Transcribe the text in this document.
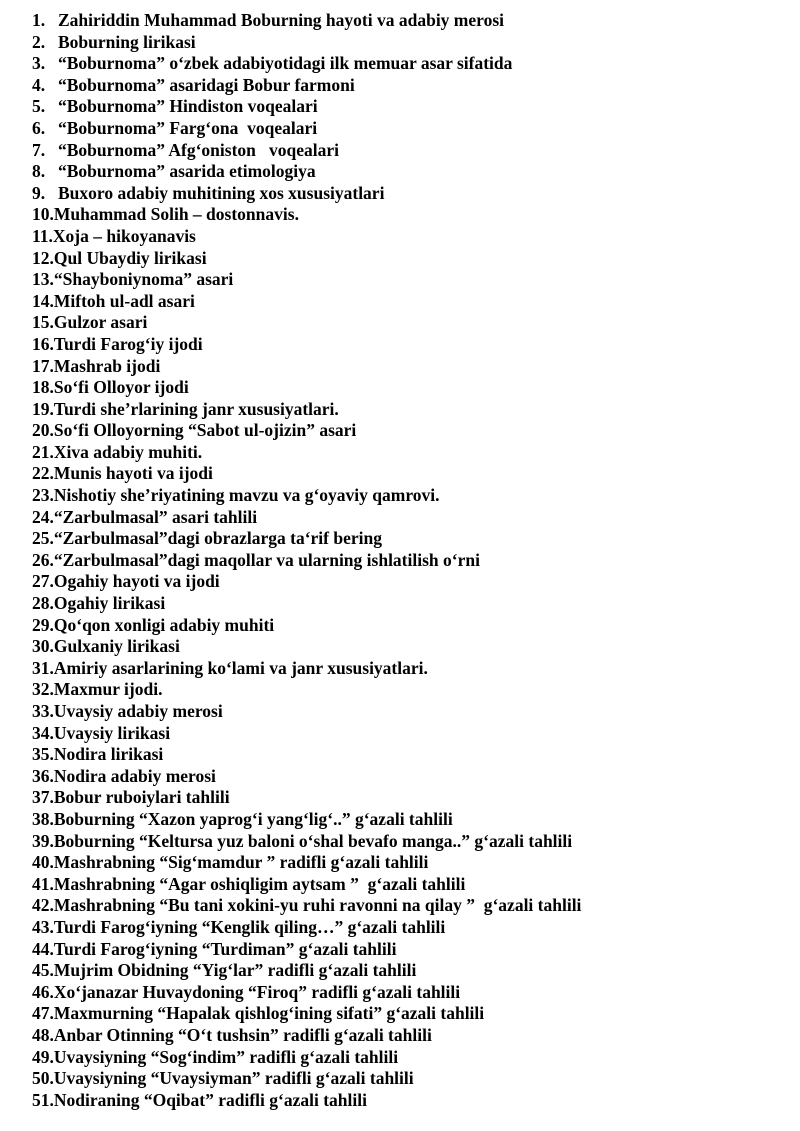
1. Zahiriddin Muhammad Boburning hayoti va adabiy merosi
2. Boburning lirikasi
3. “Boburnoma” o‘zbek adabiyotidagi ilk memuar asar sifatida
4. “Boburnoma” asaridagi Bobur farmoni
5. “Boburnoma” Hindiston voqealari
6. “Boburnoma” Farg‘ona  voqealari
7. “Boburnoma” Afg‘oniston   voqealari
8. “Boburnoma” asarida etimologiya
9. Buxoro adabiy muhitining xos xususiyatlari
10. Muhammad Solih – dostonnavis.
11. Xoja – hikoyanavis
12. Qul Ubaydiy lirikasi
13. “Shayboniynoma” asari
14. Miftoh ul-adl asari
15. Gulzor asari
16. Turdi Farog‘iy ijodi
17. Mashrab ijodi
18. So‘fi Olloyor ijodi
19. Turdi she’rlarining janr xususiyatlari.
20. So‘fi Olloyorning “Sabot ul-ojizin” asari
21. Xiva adabiy muhiti.
22. Munis hayoti va ijodi
23. Nishotiy she’riyatining mavzu va g‘oyaviy qamrovi.
24. “Zarbulmasal” asari tahlili
25. “Zarbulmasal”dagi obrazlarga ta‘rif bering
26. “Zarbulmasal”dagi maqollar va ularning ishlatilish o‘rni
27. Ogahiy hayoti va ijodi
28. Ogahiy lirikasi
29. Qo‘qon xonligi adabiy muhiti
30. Gulxaniy lirikasi
31. Amiriy asarlarining ko‘lami va janr xususiyatlari.
32. Maxmur ijodi.
33. Uvaysiy adabiy merosi
34. Uvaysiy lirikasi
35. Nodira lirikasi
36. Nodira adabiy merosi
37. Bobur ruboiylari tahlili
38. Boburning “Xazon yaprog‘i yang‘lig‘..” g‘azali tahlili
39. Boburning “Keltursa yuz baloni o‘shal bevafo manga..” g‘azali tahlili
40. Mashrabning “Sig‘mamdur ” radifli g‘azali tahlili
41. Mashrabning “Agar oshiqligim aytsam ”  g‘azali tahlili
42. Mashrabning “Bu tani xokini-yu ruhi ravonni na qilay ”  g‘azali tahlili
43. Turdi Farog‘iyning “Kenglik qiling…” g‘azali tahlili
44. Turdi Farog‘iyning “Turdiman” g‘azali tahlili
45. Mujrim Obidning “Yig‘lar” radifli g‘azali tahlili
46. Xo‘janazar Huvaydoning “Firoq” radifli g‘azali tahlili
47. Maxmurning “Hapalak qishlog‘ining sifati” g‘azali tahlili
48. Anbar Otinning “O‘t tushsin” radifli g‘azali tahlili
49. Uvaysiyning “Sog‘indim” radifli g‘azali tahlili
50. Uvaysiyning “Uvaysiyman” radifli g‘azali tahlili
51. Nodiraning “Oqibat” radifli g‘azali tahlili
